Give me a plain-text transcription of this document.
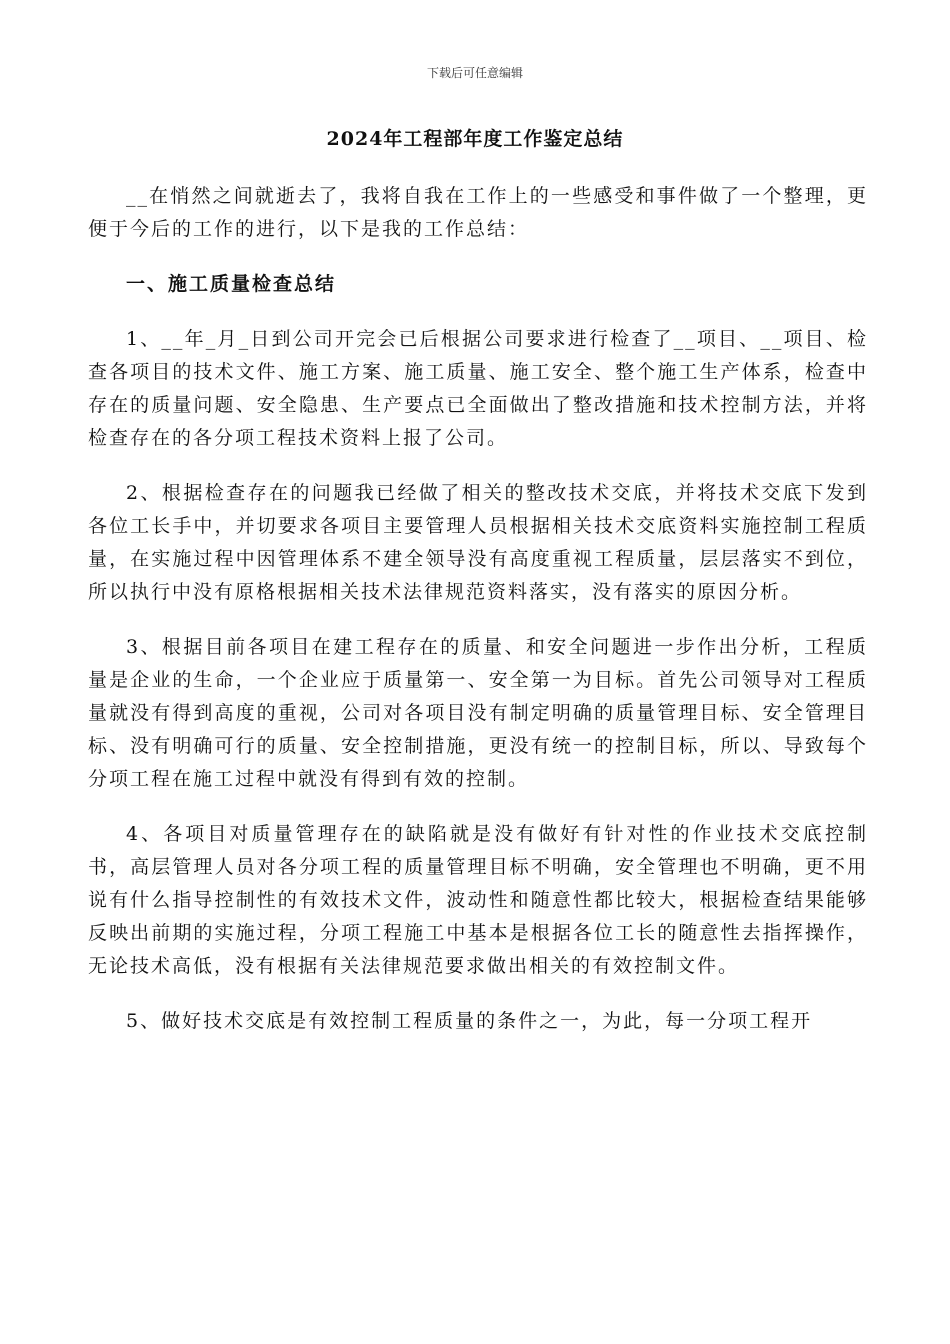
下载后可任意编辑
2024年工程部年度工作鉴定总结

__在悄然之间就逝去了，我将自我在工作上的一些感受和事件做了一个整理，更便于今后的工作的进行，以下是我的工作总结：

一、施工质量检查总结

1、__年_月_日到公司开完会已后根据公司要求进行检查了__项目、__项目、检查各项目的技术文件、施工方案、施工质量、施工安全、整个施工生产体系，检查中存在的质量问题、安全隐患、生产要点已全面做出了整改措施和技术控制方法，并将检查存在的各分项工程技术资料上报了公司。

2、根据检查存在的问题我已经做了相关的整改技术交底，并将技术交底下发到各位工长手中，并切要求各项目主要管理人员根据相关技术交底资料实施控制工程质量，在实施过程中因管理体系不建全领导没有高度重视工程质量，层层落实不到位，所以执行中没有原格根据相关技术法律规范资料落实，没有落实的原因分析。

3、根据目前各项目在建工程存在的质量、和安全问题进一步作出分析，工程质量是企业的生命，一个企业应于质量第一、安全第一为目标。首先公司领导对工程质量就没有得到高度的重视，公司对各项目没有制定明确的质量管理目标、安全管理目标、没有明确可行的质量、安全控制措施，更没有统一的控制目标，所以、导致每个分项工程在施工过程中就没有得到有效的控制。

4、各项目对质量管理存在的缺陷就是没有做好有针对性的作业技术交底控制书，高层管理人员对各分项工程的质量管理目标不明确，安全管理也不明确，更不用说有什么指导控制性的有效技术文件，波动性和随意性都比较大，根据检查结果能够反映出前期的实施过程，分项工程施工中基本是根据各位工长的随意性去指挥操作，无论技术高低，没有根据有关法律规范要求做出相关的有效控制文件。

5、做好技术交底是有效控制工程质量的条件之一，为此，每一分项工程开
